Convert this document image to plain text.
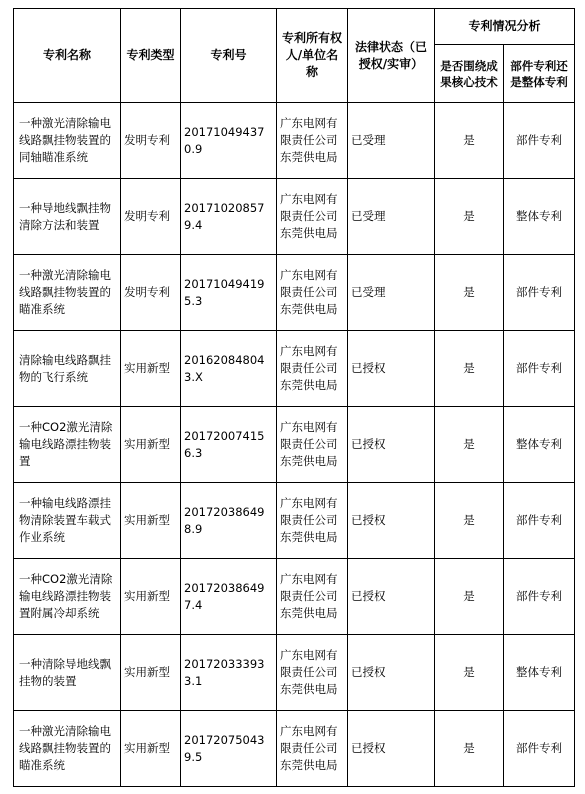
专利名称	专利类型	专利号	专利所有权人/单位名称	法律状态（已授权/实审）	专利情况分析	
					是否围绕成果核心技术	部件专利还是整体专利
一种激光清除输电线路飘挂物装置的同轴瞄准系统	发明专利	201710494370.9	广东电网有限责任公司东莞供电局	已受理	是	部件专利
一种导地线飘挂物清除方法和装置	发明专利	201710208579.4	广东电网有限责任公司东莞供电局	已受理	是	整体专利
一种激光清除输电线路飘挂物装置的瞄准系统	发明专利	201710494195.3	广东电网有限责任公司东莞供电局	已受理	是	部件专利
清除输电线路飘挂物的飞行系统	实用新型	201620848043.X	广东电网有限责任公司东莞供电局	已授权	是	部件专利
一种CO2激光清除输电线路漂挂物装置	实用新型	201720074156.3	广东电网有限责任公司东莞供电局	已授权	是	整体专利
一种输电线路漂挂物清除装置车载式作业系统	实用新型	201720386498.9	广东电网有限责任公司东莞供电局	已授权	是	部件专利
一种CO2激光清除输电线路漂挂物装置附属冷却系统	实用新型	201720386497.4	广东电网有限责任公司东莞供电局	已授权	是	部件专利
一种清除导地线飘挂物的装置	实用新型	201720333933.1	广东电网有限责任公司东莞供电局	已授权	是	整体专利
一种激光清除输电线路飘挂物装置的瞄准系统	实用新型	201720750439.5	广东电网有限责任公司东莞供电局	已授权	是	部件专利
